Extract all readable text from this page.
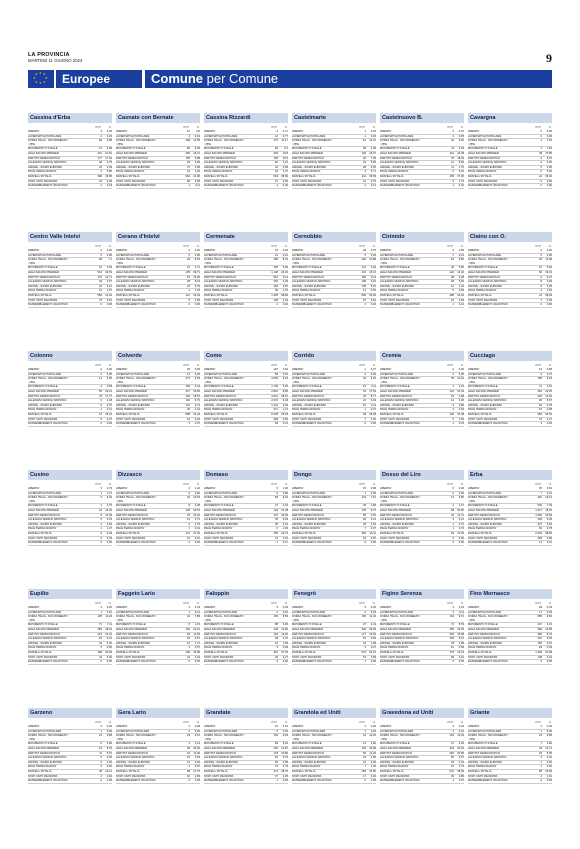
LA PROVINCIA
MARTEDÌ 11 GIUGNO 2024	9
★ ★
★
★
★
★
★
★	Europee	Comune per Comune
Cassina d'Erba
VOTI	%
LIBERTA'	3	0,25
ALTERNATIVA POPOLARE	2	0,23
FORZA ITALIA - NOI MODERATI	69	6,88
- PPE
MOVIMENTO 5 STELLE	47	4,69
LEGA SALVINI PREMIER	216	21,52
PARTITO DEMOCRATICO	177	17,64
ALLEANZA VERDI E SINISTRA	48	4,78
AZIONE - SIAMO EUROPEI	34	3,39
PACE TERRA DIGNITA'	9	0,80
FRATELLI D'ITALIA	396	39,58
STATI UNITI D'EUROPA	33	3,29
RASSEMBLEMENT VALDOTAIN	2	0,23
Casnate con Bernate
VOTI	%
LIBERTA'	10	0,6
ALTERNATIVA POPOLARE	3	0,19
FORZA ITALIA - NOI MODERATI	198	12,55
- PPE
MOVIMENTO 5 STELLE	86	5,45
LEGA SALVINI PREMIER	259	16,41
PARTITO DEMOCRATICO	156	9,88
ALLEANZA VERDI E SINISTRA	63	3,99
AZIONE - SIAMO EUROPEI	47	2,98
PACE TERRA DIGNITA'	19	1,20
FRATELLI D'ITALIA	662	41,96
STATI UNITI D'EUROPA	58	3,68
RASSEMBLEMENT VALDOTAIN	1	0,11
Cassina Rizzardi
VOTI	%
LIBERTA'	9	0,71
ALTERNATIVA POPOLARE	12	0,77
FORZA ITALIA - NOI MODERATI	175	11,17
- PPE
MOVIMENTO 5 STELLE	83	5,3
LEGA SALVINI PREMIER	263	16,8
PARTITO DEMOCRATICO	166	10,6
ALLEANZA VERDI E SINISTRA	66	4,21
AZIONE - SIAMO EUROPEI	42	2,68
PACE TERRA DIGNITA'	23	1,47
FRATELLI D'ITALIA	593	38,09
STATI UNITI D'EUROPA	37	2,36
RASSEMBLEMENT VALDOTAIN	4	0,26
Castelmarte
VOTI	%
LIBERTA'	1	0,18
ALTERNATIVA POPOLARE	1	0,18
FORZA ITALIA - NOI MODERATI	61	11,10
- PPE
MOVIMENTO 5 STELLE	28	4,49
LEGA SALVINI PREMIER	129	23,07
PARTITO DEMOCRATICO	40	7,39
ALLEANZA VERDI E SINISTRA	33	5,95
AZIONE - SIAMO EUROPEI	28	5,05
PACE TERRA DIGNITA'	3	0,71
FRATELLI D'ITALIA	211	38,93
STATI UNITI D'EUROPA	21	3,79
RASSEMBLEMENT VALDOTAIN	2	0,12
Castelnuovo B.
VOTI	%
LIBERTA'	2	0,67
ALTERNATIVA POPOLARE	3	0,35
FORZA ITALIA - NOI MODERATI	42	9,40
- PPE
MOVIMENTO 5 STELLE	11	3,18
LEGA SALVINI PREMIER	110	26,48
PARTITO DEMOCRATICO	78	18,33
ALLEANZA VERDI E SINISTRA	41	8,60
AZIONE - SIAMO EUROPEI	11	1,70
PACE TERRA DIGNITA'	6	0,22
FRATELLI D'ITALIA	165	37,00
STATI UNITI D'EUROPA	9	1,76
RASSEMBLEMENT VALDOTAIN	1	0,22
Cavargna
VOTI	%
LIBERTA'	0	0,00
ALTERNATIVA POPOLARE	0	0,00
FORZA ITALIA - NOI MODERATI	1	1,54
- PPE
MOVIMENTO 5 STELLE	1	1,54
LEGA SALVINI PREMIER	48	73,85
PARTITO DEMOCRATICO	4	6,15
ALLEANZA VERDI E SINISTRA	0	0,00
AZIONE - SIAMO EUROPEI	0	0,00
PACE TERRA DIGNITA'	0	0,00
FRATELLI D'ITALIA	24	36,92
STATI UNITI D'EUROPA	0	0,00
RASSEMBLEMENT VALDOTAIN	0	0,00
Centro Valle Intelvi
VOTI	%
LIBERTA'	0	0,00
ALTERNATIVA POPOLARE	0	0,00
FORZA ITALIA - NOI MODERATI	95	7,1
- PPE
MOVIMENTO 5 STELLE	61	4,09
LEGA SALVINI PREMIER	542	40,54
PARTITO DEMOCRATICO	170	12,71
ALLEANZA VERDI E SINISTRA	49	3,67
AZIONE - SIAMO EUROPEI	42	3,14
PACE TERRA DIGNITA'	21	1,57
FRATELLI D'ITALIA	550	41,22
STATI UNITI D'EUROPA	79	5,91
RASSEMBLEMENT VALDOTAIN	0	0,00
Cerano d'Intelvi
VOTI	%
LIBERTA'	0	0,00
ALTERNATIVA POPOLARE	0	0,00
FORZA ITALIA - NOI MODERATI	29	8,53
- PPE
MOVIMENTO 5 STELLE	16	4,71
LEGA SALVINI PREMIER	135	39,71
PARTITO DEMOCRATICO	51	15,00
ALLEANZA VERDI E SINISTRA	28	8,24
AZIONE - SIAMO EUROPEI	23	6,76
PACE TERRA DIGNITA'	4	1,18
FRATELLI D'ITALIA	112	32,94
STATI UNITI D'EUROPA	9	2,65
RASSEMBLEMENT VALDOTAIN	0	0,00
Cermenate
VOTI	%
LIBERTA'	15	0,26
ALTERNATIVA POPOLARE	12	0,21
FORZA ITALIA - NOI MODERATI	496	8,79
- PPE
MOVIMENTO 5 STELLE	265	4,69
LEGA SALVINI PREMIER	1.148	20,33
PARTITO DEMOCRATICO	516	9,14
ALLEANZA VERDI E SINISTRA	254	4,49
AZIONE - SIAMO EUROPEI	162	2,87
PACE TERRA DIGNITA'	96	1,70
FRATELLI D'ITALIA	1.306	38,84
STATI UNITI D'EUROPA	138	2,44
RASSEMBLEMENT VALDOTAIN	2	0,04
Cernobbio
VOTI	%
LIBERTA'	28	0,75
ALTERNATIVA POPOLARE	5	0,26
FORZA ITALIA - NOI MODERATI	293	10,88
- PPE
MOVIMENTO 5 STELLE	124	4,63
LEGA SALVINI PREMIER	431	15,13
PARTITO DEMOCRATICO	165	6,11
ALLEANZA VERDI E SINISTRA	168	6,22
AZIONE - SIAMO EUROPEI	138	5,15
PACE TERRA DIGNITA'	14	0,52
FRATELLI D'ITALIA	899	33,30
STATI UNITI D'EUROPA	97	3,62
RASSEMBLEMENT VALDOTAIN	1	0,04
Cirimido
VOTI	%
LIBERTA'	5	0,59
ALTERNATIVA POPOLARE	1	0,13
FORZA ITALIA - NOI MODERATI	81	9,55
- PPE
MOVIMENTO 5 STELLE	48	5,66
LEGA SALVINI PREMIER	122	14,40
PARTITO DEMOCRATICO	38	4,48
ALLEANZA VERDI E SINISTRA	48	5,66
AZIONE - SIAMO EUROPEI	12	1,42
PACE TERRA DIGNITA'	5	0,59
FRATELLI D'ITALIA	288	34,04
STATI UNITI D'EUROPA	24	2,83
RASSEMBLEMENT VALDOTAIN	1	0,13
Claino con O.
VOTI	%
LIBERTA'	0	0,00
ALTERNATIVA POPOLARE	0	0,00
FORZA ITALIA - NOI MODERATI	30	11,58
- PPE
MOVIMENTO 5 STELLE	16	6,18
LEGA SALVINI PREMIER	50	19,31
PARTITO DEMOCRATICO	9	3,47
ALLEANZA VERDI E SINISTRA	8	3,09
AZIONE - SIAMO EUROPEI	8	3,09
PACE TERRA DIGNITA'	4	1,54
FRATELLI D'ITALIA	31	36,29
STATI UNITI D'EUROPA	1	0,39
RASSEMBLEMENT VALDOTAIN	0	0,00
Colonno
VOTI	%
LIBERTA'	0	0,00
ALTERNATIVA POPOLARE	0	0,00
FORZA ITALIA - NOI MODERATI	13	5,36
- PPE
MOVIMENTO 5 STELLE	2	0,83
LEGA SALVINI PREMIER	56	23,14
PARTITO DEMOCRATICO	43	17,77
ALLEANZA VERDI E SINISTRA	6	2,48
AZIONE - SIAMO EUROPEI	5	2,07
PACE TERRA DIGNITA'	1	0,41
FRATELLI D'ITALIA	61	25,21
STATI UNITI D'EUROPA	5	2,07
RASSEMBLEMENT VALDOTAIN	0	0,00
Colverde
VOTI	%
LIBERTA'	26	0,90
ALTERNATIVA POPOLARE	14	0,49
FORZA ITALIA - NOI MODERATI	273	9,53
- PPE
MOVIMENTO 5 STELLE	156	5,44
LEGA SALVINI PREMIER	447	15,60
PARTITO DEMOCRATICO	446	15,57
ALLEANZA VERDI E SINISTRA	192	6,70
AZIONE - SIAMO EUROPEI	107	3,73
PACE TERRA DIGNITA'	35	1,22
FRATELLI D'ITALIA	898	31,34
STATI UNITI D'EUROPA	91	3,18
RASSEMBLEMENT VALDOTAIN	2	0,07
Como
VOTI	%
LIBERTA'	197	0,64
ALTERNATIVA POPOLARE	58	0,19
FORZA ITALIA - NOI MODERATI	3.059	9,34
- PPE
MOVIMENTO 5 STELLE	1.736	5,30
LEGA SALVINI PREMIER	2.891	8,83
PARTITO DEMOCRATICO	3.641	28,97
ALLEANZA VERDI E SINISTRA	2.072	6,33
AZIONE - SIAMO EUROPEI	1.143	3,49
PACE TERRA DIGNITA'	371	1,13
FRATELLI D'ITALIA	8.248	25,18
STATI UNITI D'EUROPA	928	2,83
RASSEMBLEMENT VALDOTAIN	84	0,21
Corrido
VOTI	%
LIBERTA'	1	0,27
ALTERNATIVA POPOLARE	0	0,00
FORZA ITALIA - NOI MODERATI	34	9,32
- PPE
MOVIMENTO 5 STELLE	15	4,11
LEGA SALVINI PREMIER	64	17,53
PARTITO DEMOCRATICO	32	8,77
ALLEANZA VERDI E SINISTRA	22	6,03
AZIONE - SIAMO EUROPEI	15	4,11
PACE TERRA DIGNITA'	1	0,27
FRATELLI D'ITALIA	93	25,48
STATI UNITI D'EUROPA	7	1,92
RASSEMBLEMENT VALDOTAIN	0	0,00
Cremia
VOTI	%
LIBERTA'	0	0,00
ALTERNATIVA POPOLARE	0	0,00
FORZA ITALIA - NOI MODERATI	35	10,91
- PPE
MOVIMENTO 5 STELLE	4	2,22
LEGA SALVINI PREMIER	101	31,46
PARTITO DEMOCRATICO	16	4,98
ALLEANZA VERDI E SINISTRA	14	4,36
AZIONE - SIAMO EUROPEI	9	2,80
PACE TERRA DIGNITA'	3	0,93
FRATELLI D'ITALIA	120	37,38
STATI UNITI D'EUROPA	5	1,56
RASSEMBLEMENT VALDOTAIN	1	0,31
Cucciago
VOTI	%
LIBERTA'	14	0,85
ALTERNATIVA POPOLARE	6	0,37
FORZA ITALIA - NOI MODERATI	158	9,64
- PPE
MOVIMENTO 5 STELLE	74	4,51
LEGA SALVINI PREMIER	381	23,25
PARTITO DEMOCRATICO	202	12,32
ALLEANZA VERDI E SINISTRA	93	5,67
AZIONE - SIAMO EUROPEI	62	3,78
PACE TERRA DIGNITA'	16	0,98
FRATELLI D'ITALIA	566	34,53
STATI UNITI D'EUROPA	70	4,27
RASSEMBLEMENT VALDOTAIN	3	0,18
Cusino
VOTI	%
LIBERTA'	3	3,79
ALTERNATIVA POPOLARE	1	1,27
FORZA ITALIA - NOI MODERATI	9	6,03
- PPE
MOVIMENTO 5 STELLE	3	3,79
LEGA SALVINI PREMIER	34	43,04
PARTITO DEMOCRATICO	9	11,39
ALLEANZA VERDI E SINISTRA	5	6,33
AZIONE - SIAMO EUROPEI	2	2,53
PACE TERRA DIGNITA'	1	1,27
FRATELLI D'ITALIA	5	6,33
STATI UNITI D'EUROPA	3	3,79
RASSEMBLEMENT VALDOTAIN	0	0,00
Dizzasco
VOTI	%
LIBERTA'	4	1,24
ALTERNATIVA POPOLARE	0	0,00
FORZA ITALIA - NOI MODERATI	34	10,53
- PPE
MOVIMENTO 5 STELLE	8	2,48
LEGA SALVINI PREMIER	105	32,51
PARTITO DEMOCRATICO	33	10,22
ALLEANZA VERDI E SINISTRA	12	3,72
AZIONE - SIAMO EUROPEI	9	2,79
PACE TERRA DIGNITA'	1	0,31
FRATELLI D'ITALIA	121	37,46
STATI UNITI D'EUROPA	10	3,10
RASSEMBLEMENT VALDOTAIN	0	0,00
Domaso
VOTI	%
LIBERTA'	6	1,03
ALTERNATIVA POPOLARE	5	0,86
FORZA ITALIA - NOI MODERATI	83	9,94
- PPE
MOVIMENTO 5 STELLE	27	4,23
LEGA SALVINI PREMIER	124	21,38
PARTITO DEMOCRATICO	107	18,45
ALLEANZA VERDI E SINISTRA	35	6,03
AZIONE - SIAMO EUROPEI	25	4,31
PACE TERRA DIGNITA'	6	1,03
FRATELLI D'ITALIA	155	26,73
STATI UNITI D'EUROPA	13	2,24
RASSEMBLEMENT VALDOTAIN	1	0,17
Dongo
VOTI	%
LIBERTA'	15	0,80
ALTERNATIVA POPOLARE	1	0,05
FORZA ITALIA - NOI MODERATI	143	7,61
- PPE
MOVIMENTO 5 STELLE	35	1,86
LEGA SALVINI PREMIER	178	9,47
PARTITO DEMOCRATICO	85	4,52
ALLEANZA VERDI E SINISTRA	40	2,13
AZIONE - SIAMO EUROPEI	29	1,54
PACE TERRA DIGNITA'	7	0,37
FRATELLI D'ITALIA	284	15,11
STATI UNITI D'EUROPA	54	2,87
RASSEMBLEMENT VALDOTAIN	0	0,00
Dosso del Liro
VOTI	%
LIBERTA'	0	0,00
ALTERNATIVA POPOLARE	0	0,00
FORZA ITALIA - NOI MODERATI	13	9,56
- PPE
MOVIMENTO 5 STELLE	2	1,47
LEGA SALVINI PREMIER	68	50,00
PARTITO DEMOCRATICO	20	14,71
ALLEANZA VERDI E SINISTRA	3	2,21
AZIONE - SIAMO EUROPEI	1	0,74
PACE TERRA DIGNITA'	1	0,74
FRATELLI D'ITALIA	64	47,06
STATI UNITI D'EUROPA	0	0,00
RASSEMBLEMENT VALDOTAIN	0	0,00
Erba
VOTI	%
LIBERTA'	35	0,52
ALTERNATIVA POPOLARE	7	0,10
FORZA ITALIA - NOI MODERATI	481	10,14
- PPE
MOVIMENTO 5 STELLE	502	7,49
LEGA SALVINI PREMIER	1.217	18,15
PARTITO DEMOCRATICO	1.050	15,66
ALLEANZA VERDI E SINISTRA	426	6,35
AZIONE - SIAMO EUROPEI	347	5,18
PACE TERRA DIGNITA'	52	0,78
FRATELLI D'ITALIA	2.603	38,82
STATI UNITI D'EUROPA	259	3,86
RASSEMBLEMENT VALDOTAIN	14	0,21
Eupilio
VOTI	%
LIBERTA'	2	0,20
ALTERNATIVA POPOLARE	1	0,10
FORZA ITALIA - NOI MODERATI	135	11,23
- PPE
MOVIMENTO 5 STELLE	71	7,11
LEGA SALVINI PREMIER	284	28,42
PARTITO DEMOCRATICO	224	22,42
ALLEANZA VERDI E SINISTRA	63	6,31
AZIONE - SIAMO EUROPEI	34	3,40
PACE TERRA DIGNITA'	6	0,60
FRATELLI D'ITALIA	408	40,84
STATI UNITI D'EUROPA	44	4,40
RASSEMBLEMENT VALDOTAIN	0	0,00
Faggeto Lario
VOTI	%
LIBERTA'	3	0,43
ALTERNATIVA POPOLARE	1	0,14
FORZA ITALIA - NOI MODERATI	34	7,89
- PPE
MOVIMENTO 5 STELLE	8	1,15
LEGA SALVINI PREMIER	162	23,10
PARTITO DEMOCRATICO	83	11,84
ALLEANZA VERDI E SINISTRA	18	2,57
AZIONE - SIAMO EUROPEI	12	1,71
PACE TERRA DIGNITA'	4	0,57
FRATELLI D'ITALIA	248	35,38
STATI UNITI D'EUROPA	31	4,42
RASSEMBLEMENT VALDOTAIN	0	0,00
Faloppio
VOTI	%
LIBERTA'	5	0,39
ALTERNATIVA POPOLARE	2	0,16
FORZA ITALIA - NOI MODERATI	153	8,53
- PPE
MOVIMENTO 5 STELLE	88	6,90
LEGA SALVINI PREMIER	138	10,82
PARTITO DEMOCRATICO	153	12,00
ALLEANZA VERDI E SINISTRA	48	3,76
AZIONE - SIAMO EUROPEI	21	1,65
PACE TERRA DIGNITA'	5	0,39
FRATELLI D'ITALIA	351	27,53
STATI UNITI D'EUROPA	29	2,27
RASSEMBLEMENT VALDOTAIN	0	0,00
Fenegrò
VOTI	%
LIBERTA'	5	0,45
ALTERNATIVA POPOLARE	2	0,18
FORZA ITALIA - NOI MODERATI	165	11,32
- PPE
MOVIMENTO 5 STELLE	27	2,43
LEGA SALVINI PREMIER	326	29,36
PARTITO DEMOCRATICO	177	15,94
ALLEANZA VERDI E SINISTRA	51	4,59
AZIONE - SIAMO EUROPEI	22	1,98
PACE TERRA DIGNITA'	3	0,27
FRATELLI D'ITALIA	579	52,16
STATI UNITI D'EUROPA	51	4,59
RASSEMBLEMENT VALDOTAIN	1	0,09
Figino Serenza
VOTI	%
LIBERTA'	3	0,34
ALTERNATIVA POPOLARE	1	0,11
FORZA ITALIA - NOI MODERATI	164	9,74
- PPE
MOVIMENTO 5 STELLE	74	5,53
LEGA SALVINI PREMIER	455	19,45
PARTITO DEMOCRATICO	254	15,08
ALLEANZA VERDI E SINISTRA	183	5,67
AZIONE - SIAMO EUROPEI	48	2,85
PACE TERRA DIGNITA'	10	0,59
FRATELLI D'ITALIA	779	33,19
STATI UNITI D'EUROPA	69	4,10
RASSEMBLEMENT VALDOTAIN	0	0,00
Fino Mornasco
VOTI	%
LIBERTA'	29	0,49
ALTERNATIVA POPOLARE	17	0,29
FORZA ITALIA - NOI MODERATI	685	9,60
- PPE
MOVIMENTO 5 STELLE	247	4,16
LEGA SALVINI PREMIER	582	13,58
PARTITO DEMOCRATICO	380	8,75
ALLEANZA VERDI E SINISTRA	210	3,53
AZIONE - SIAMO EUROPEI	155	2,61
PACE TERRA DIGNITA'	29	0,49
FRATELLI D'ITALIA	1.466	24,68
STATI UNITI D'EUROPA	138	2,32
RASSEMBLEMENT VALDOTAIN	3	0,05
Garzeno
VOTI	%
LIBERTA'	2	0,92
ALTERNATIVA POPOLARE	2	0,92
FORZA ITALIA - NOI MODERATI	21	9,68
- PPE
MOVIMENTO 5 STELLE	8	3,69
LEGA SALVINI PREMIER	19	8,76
PARTITO DEMOCRATICO	11	5,07
ALLEANZA VERDI E SINISTRA	5	2,30
AZIONE - SIAMO EUROPEI	5	2,30
PACE TERRA DIGNITA'	2	0,92
FRATELLI D'ITALIA	48	22,12
STATI UNITI D'EUROPA	2	0,92
RASSEMBLEMENT VALDOTAIN	0	0,00
Gera Lario
VOTI	%
LIBERTA'	1	0,28
ALTERNATIVA POPOLARE	0	0,00
FORZA ITALIA - NOI MODERATI	23	6,51
- PPE
MOVIMENTO 5 STELLE	4	1,13
LEGA SALVINI PREMIER	93	26,35
PARTITO DEMOCRATICO	42	11,90
ALLEANZA VERDI E SINISTRA	16	4,53
AZIONE - SIAMO EUROPEI	12	3,40
PACE TERRA DIGNITA'	2	0,57
FRATELLI D'ITALIA	98	27,76
STATI UNITI D'EUROPA	10	2,83
RASSEMBLEMENT VALDOTAIN	0	0,00
Grandate
VOTI	%
LIBERTA'	10	0,61
ALTERNATIVA POPOLARE	5	0,30
FORZA ITALIA - NOI MODERATI	153	9,29
- PPE
MOVIMENTO 5 STELLE	83	5,04
LEGA SALVINI PREMIER	245	14,87
PARTITO DEMOCRATICO	178	10,80
ALLEANZA VERDI E SINISTRA	62	3,76
AZIONE - SIAMO EUROPEI	59	3,58
PACE TERRA DIGNITA'	13	0,79
FRATELLI D'ITALIA	474	28,76
STATI UNITI D'EUROPA	37	2,25
RASSEMBLEMENT VALDOTAIN	1	0,06
Grandola ed Uniti
VOTI	%
LIBERTA'	1	0,20
ALTERNATIVA POPOLARE	1	0,20
FORZA ITALIA - NOI MODERATI	61	12,20
- PPE
MOVIMENTO 5 STELLE	13	2,60
LEGA SALVINI PREMIER	154	30,80
PARTITO DEMOCRATICO	56	11,20
ALLEANZA VERDI E SINISTRA	23	4,60
AZIONE - SIAMO EUROPEI	12	2,40
PACE TERRA DIGNITA'	7	1,40
FRATELLI D'ITALIA	159	31,80
STATI UNITI D'EUROPA	17	3,40
RASSEMBLEMENT VALDOTAIN	0	0,00
Gravedona ed Uniti
VOTI	%
LIBERTA'	3	0,22
ALTERNATIVA POPOLARE	3	0,22
FORZA ITALIA - NOI MODERATI	164	12,04
- PPE
MOVIMENTO 5 STELLE	47	3,45
LEGA SALVINI PREMIER	443	32,53
PARTITO DEMOCRATICO	284	20,85
ALLEANZA VERDI E SINISTRA	50	3,67
AZIONE - SIAMO EUROPEI	33	2,42
PACE TERRA DIGNITA'	10	0,73
FRATELLI D'ITALIA	531	38,99
STATI UNITI D'EUROPA	39	2,86
RASSEMBLEMENT VALDOTAIN	1	0,07
Griante
VOTI	%
LIBERTA'	1	0,40
ALTERNATIVA POPOLARE	1	0,40
FORZA ITALIA - NOI MODERATI	24	9,68
- PPE
MOVIMENTO 5 STELLE	7	2,82
LEGA SALVINI PREMIER	34	13,71
PARTITO DEMOCRATICO	15	6,05
ALLEANZA VERDI E SINISTRA	6	2,42
AZIONE - SIAMO EUROPEI	7	2,82
PACE TERRA DIGNITA'	1	0,40
FRATELLI D'ITALIA	58	23,39
STATI UNITI D'EUROPA	4	1,61
RASSEMBLEMENT VALDOTAIN	0	0,00
